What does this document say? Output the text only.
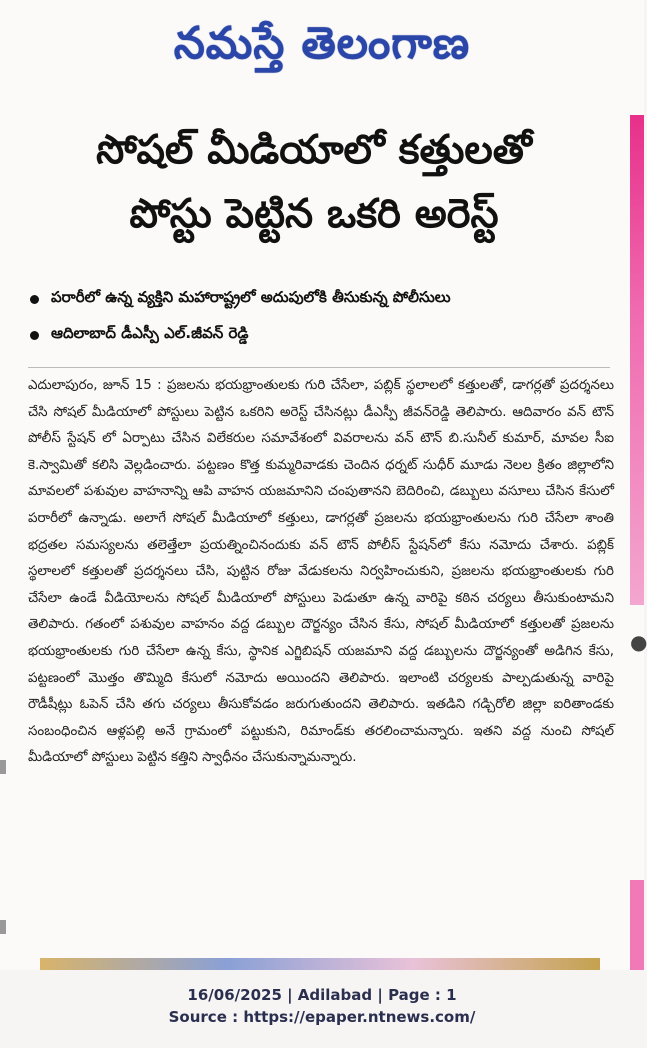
నమస్తే తెలంగాణ
సోషల్ మీడియాలో కత్తులతో
పోస్టు పెట్టిన ఒకరి అరెస్ట్
పరారీలో ఉన్న వ్యక్తిని మహారాష్ట్రలో అదుపులోకి తీసుకున్న పోలీసులు
ఆదిలాబాద్ డీఎస్పీ ఎల్.జీవన్ రెడ్డి
ఎదులాపురం, జూన్ 15 : ప్రజలను భయభ్రాంతులకు గురి చేసేలా, పబ్లిక్ స్థలాలలో కత్తులతో, డాగర్లతో ప్రదర్శనలు చేసి సోషల్ మీడియాలో పోస్టులు పెట్టిన ఒకరిని అరెస్ట్ చేసినట్లు డీఎస్పీ జీవన్‌రెడ్డి తెలిపారు. ఆదివారం వన్ టౌన్ పోలీస్ స్టేషన్ లో ఏర్పాటు చేసిన విలేకరుల సమావేశంలో వివరాలను వన్ టౌన్ బి.సునీల్ కుమార్, మావల సీఐ కె.స్వామితో కలిసి వెల్లడించారు. పట్టణం కొత్త కుమ్మరివాడకు చెందిన ధర్నట్ సుధీర్ మూడు నెలల క్రితం జిల్లాలోని మావలలో పశువుల వాహనాన్ని ఆపి వాహన యజమానిని చంపుతానని బెదిరించి, డబ్బులు వసూలు చేసిన కేసులో పరారీలో ఉన్నాడు. అలాగే సోషల్ మీడియాలో కత్తులు, డాగర్లతో ప్రజలను భయభ్రాంతులను గురి చేసేలా శాంతి భద్రతల సమస్యలను తలెత్తేలా ప్రయత్నించినందుకు వన్ టౌన్ పోలీస్ స్టేషన్‌లో కేసు నమోదు చేశారు. పబ్లిక్ స్థలాలలో కత్తులతో ప్రదర్శనలు చేసి, పుట్టిన రోజు వేడుకలను నిర్వహించుకుని, ప్రజలను భయభ్రాంతులకు గురి చేసేలా ఉండే వీడియోలను సోషల్ మీడియాలో పోస్టులు పెడుతూ ఉన్న వారిపై కఠిన చర్యలు తీసుకుంటామని తెలిపారు. గతంలో పశువుల వాహనం వద్ద డబ్బుల దౌర్జన్యం చేసిన కేసు, సోషల్ మీడియాలో కత్తులతో ప్రజలను భయభ్రాంతులకు గురి చేసేలా ఉన్న కేసు, స్థానిక ఎగ్జిబిషన్ యజమాని వద్ద డబ్బులను దౌర్జన్యంతో అడిగిన కేసు, పట్టణంలో మొత్తం తొమ్మిది కేసులో నమోదు అయిందని తెలిపారు. ఇలాంటి చర్యలకు పాల్పడుతున్న వారిపై రౌడీషీట్లు ఓపెన్ చేసి తగు చర్యలు తీసుకోవడం జరుగుతుందని తెలిపారు. ఇతడిని గడ్చిరోలి జిల్లా ఐరితాండకు సంబంధించిన ఆళ్లపల్లి అనే గ్రామంలో పట్టుకుని, రిమాండ్‌కు తరలించామన్నారు. ఇతని వద్ద నుంచి సోషల్ మీడియాలో పోస్టులు పెట్టిన కత్తిని స్వాధీనం చేసుకున్నామన్నారు.
●
16/06/2025 | Adilabad | Page : 1
Source : https://epaper.ntnews.com/
